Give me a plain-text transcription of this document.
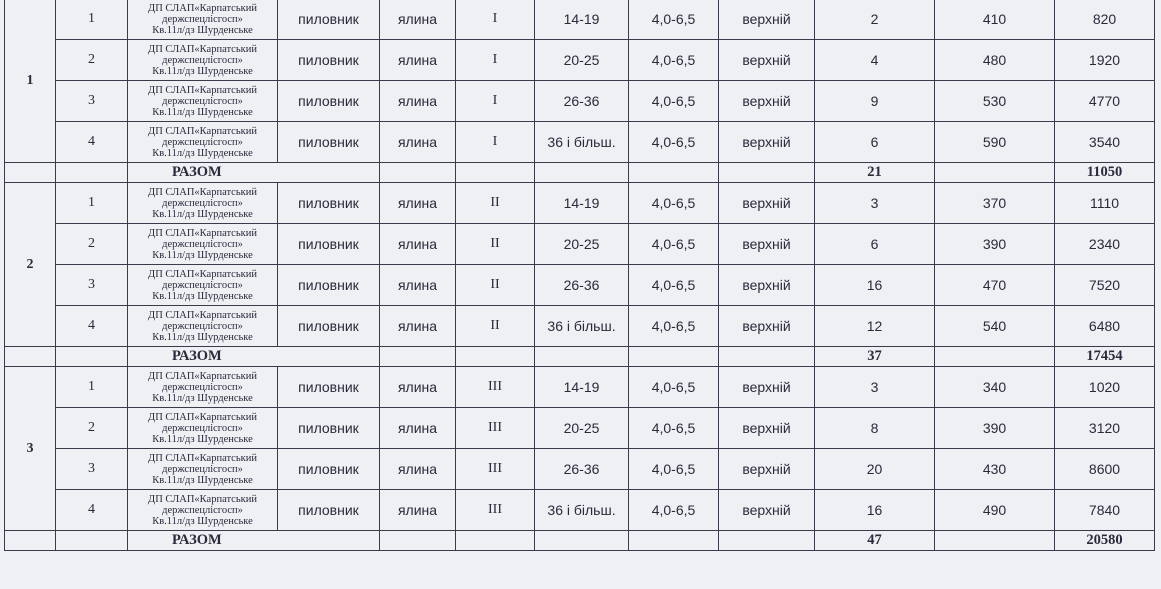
1	1	ДП СЛАП«Карпатський
держспецлісгосп»
Кв.11л/дз Шурденське	пиловник	ялина	І	14-19	4,0-6,5	верхній	2	410	820
	2	ДП СЛАП«Карпатський
держспецлісгосп»
Кв.11л/дз Шурденське	пиловник	ялина	І	20-25	4,0-6,5	верхній	4	480	1920
	3	ДП СЛАП«Карпатський
держспецлісгосп»
Кв.11л/дз Шурденське	пиловник	ялина	І	26-36	4,0-6,5	верхній	9	530	4770
	4	ДП СЛАП«Карпатський
держспецлісгосп»
Кв.11л/дз Шурденське	пиловник	ялина	І	36 і більш.	4,0-6,5	верхній	6	590	3540
		РАЗОМ							21		11050
2	1	ДП СЛАП«Карпатський
держспецлісгосп»
Кв.11л/дз Шурденське	пиловник	ялина	ІІ	14-19	4,0-6,5	верхній	3	370	1110
	2	ДП СЛАП«Карпатський
держспецлісгосп»
Кв.11л/дз Шурденське	пиловник	ялина	ІІ	20-25	4,0-6,5	верхній	6	390	2340
	3	ДП СЛАП«Карпатський
держспецлісгосп»
Кв.11л/дз Шурденське	пиловник	ялина	ІІ	26-36	4,0-6,5	верхній	16	470	7520
	4	ДП СЛАП«Карпатський
держспецлісгосп»
Кв.11л/дз Шурденське	пиловник	ялина	ІІ	36 і більш.	4,0-6,5	верхній	12	540	6480
		РАЗОМ							37		17454
3	1	ДП СЛАП«Карпатський
держспецлісгосп»
Кв.11л/дз Шурденське	пиловник	ялина	ІІІ	14-19	4,0-6,5	верхній	3	340	1020
	2	ДП СЛАП«Карпатський
держспецлісгосп»
Кв.11л/дз Шурденське	пиловник	ялина	ІІІ	20-25	4,0-6,5	верхній	8	390	3120
	3	ДП СЛАП«Карпатський
держспецлісгосп»
Кв.11л/дз Шурденське	пиловник	ялина	ІІІ	26-36	4,0-6,5	верхній	20	430	8600
	4	ДП СЛАП«Карпатський
держспецлісгосп»
Кв.11л/дз Шурденське	пиловник	ялина	ІІІ	36 і більш.	4,0-6,5	верхній	16	490	7840
		РАЗОМ							47		20580
